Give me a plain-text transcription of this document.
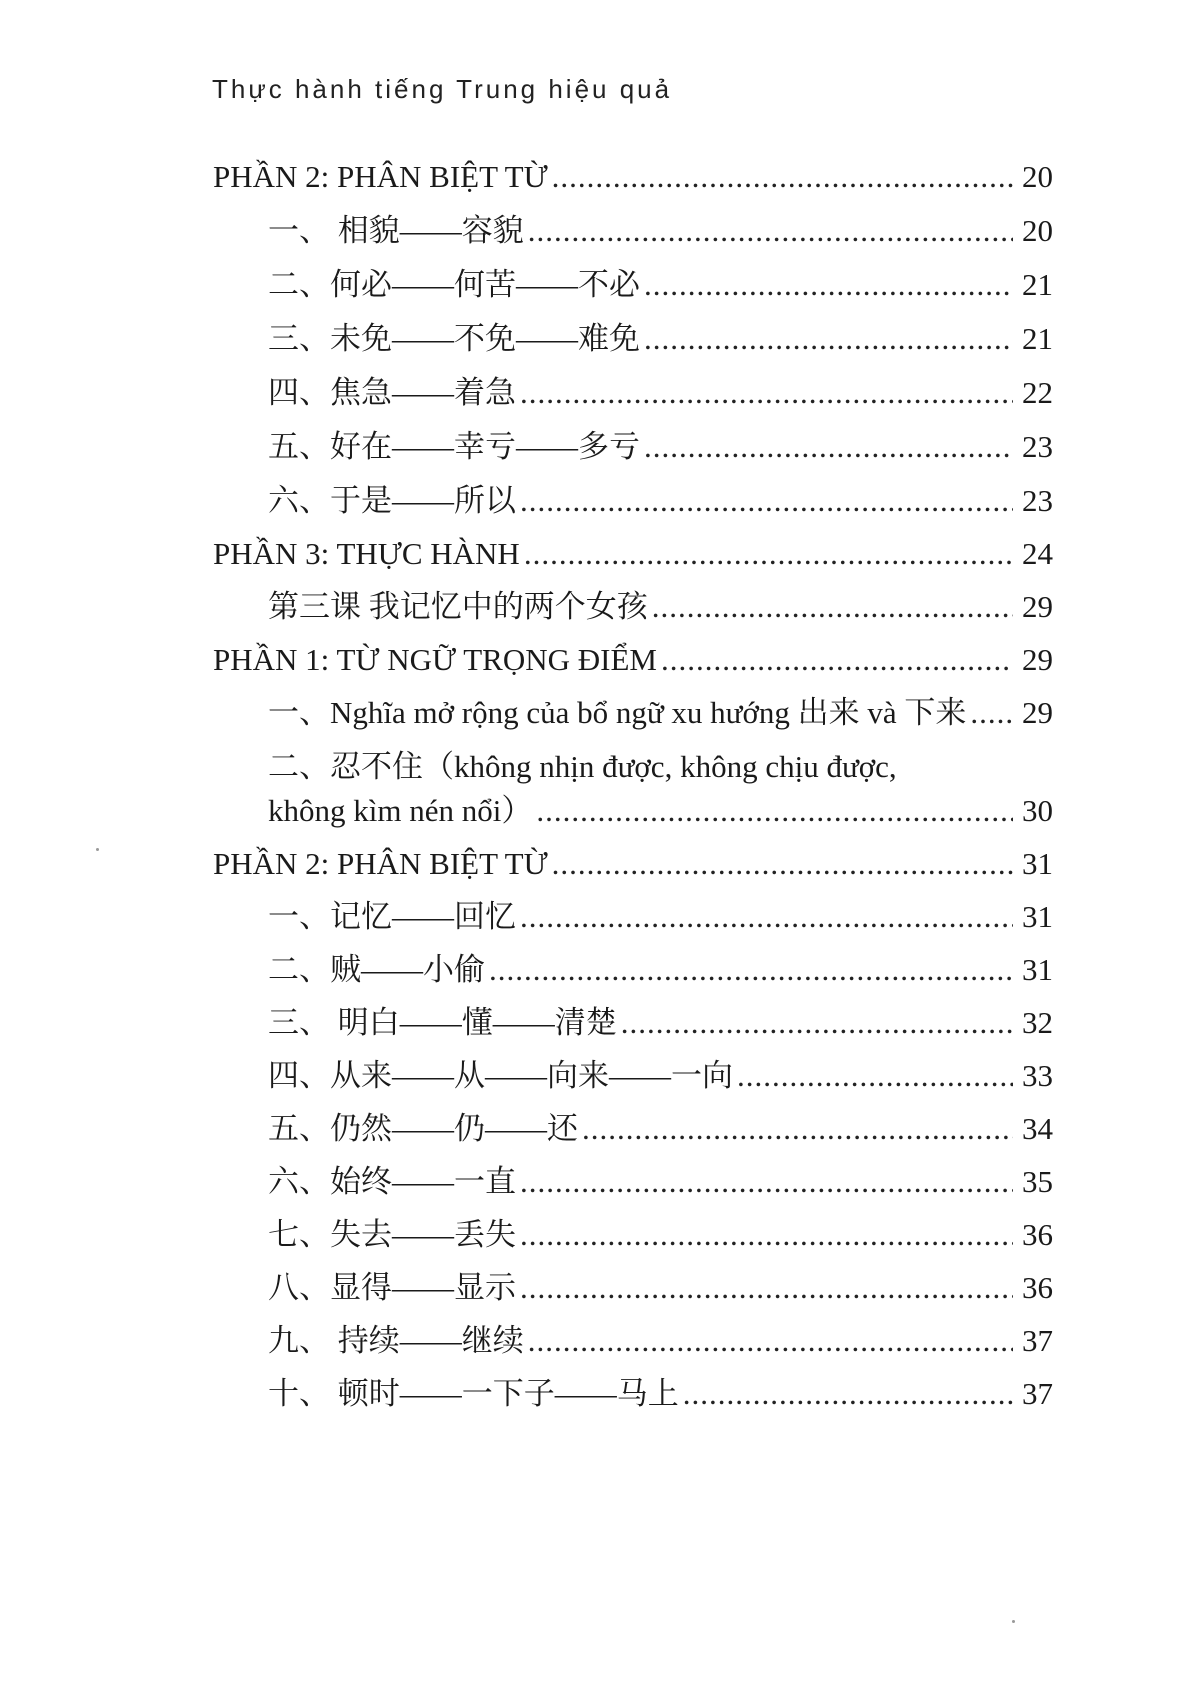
Thực hành tiếng Trung hiệu quả
PHẦN 2: PHÂN BIỆT TỪ .....	20
一、 相貌——容貌 .....	20
二、何必——何苦——不必 .....	21
三、未免——不免——难免 .....	21
四、焦急——着急 .....	22
五、好在——幸亏——多亏 .....	23
六、于是——所以 .....	23
PHẦN 3: THỰC HÀNH .....	24
第三课 我记忆中的两个女孩 .....	29
PHẦN 1: TỪ NGỮ TRỌNG ĐIỂM .....	29
一、Nghĩa mở rộng của bổ ngữ xu hướng 出来 và 下来 ..... 29
二、忍不住（không nhịn được, không chịu được,
không kìm nén nổi） .....	30
PHẦN 2: PHÂN BIỆT TỪ .....	31
一、记忆——回忆 .....	31
二、贼——小偷 .....	31
三、 明白——懂——清楚 .....	32
四、从来——从——向来——一向 .....	33
五、仍然——仍——还 .....	34
六、始终——一直 .....	35
七、失去——丢失 .....	36
八、显得——显示 .....	36
九、 持续——继续 .....	37
十、 顿时——一下子——马上 .....	37
